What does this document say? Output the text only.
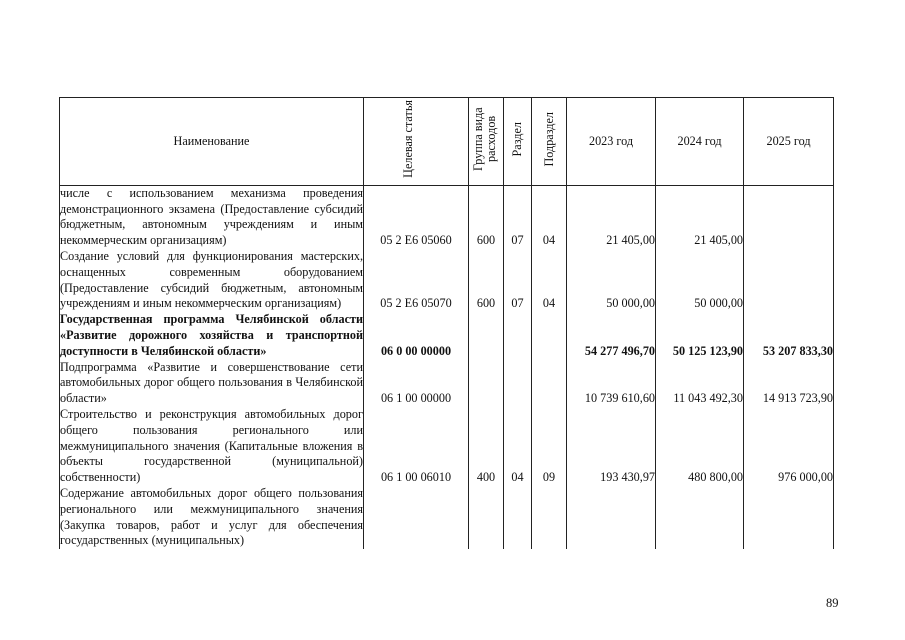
Наименование	Целевая статья	Группа вида расходов	Раздел	Подраздел	2023 год	2024 год	2025 год
числе с использованием механизма проведения демонстрационного экзамена (Предоставление субсидий бюджетным, автономным учреждениям и иным некоммерческим организациям)	05 2 Е6 05060	600	07	04	21 405,00	21 405,00	
Создание условий для функционирования мастерских, оснащенных современным оборудованием (Предоставление субсидий бюджетным, автономным учреждениям и иным некоммерческим организациям)	05 2 Е6 05070	600	07	04	50 000,00	50 000,00	
Государственная программа Челябинской области «Развитие дорожного хозяйства и транспортной доступности в Челябинской области»	06 0 00 00000				54 277 496,70	50 125 123,90	53 207 833,30
Подпрограмма «Развитие и совершенствование сети автомобильных дорог общего пользования в Челябинской области»	06 1 00 00000				10 739 610,60	11 043 492,30	14 913 723,90
Строительство и реконструкция автомобильных дорог общего пользования регионального или межмуниципального значения (Капитальные вложения в объекты государственной (муниципальной) собственности)	06 1 00 06010	400	04	09	193 430,97	480 800,00	976 000,00
Содержание автомобильных дорог общего пользования регионального или межмуниципального значения (Закупка товаров, работ и услуг для обеспечения государственных (муниципальных)							
89
